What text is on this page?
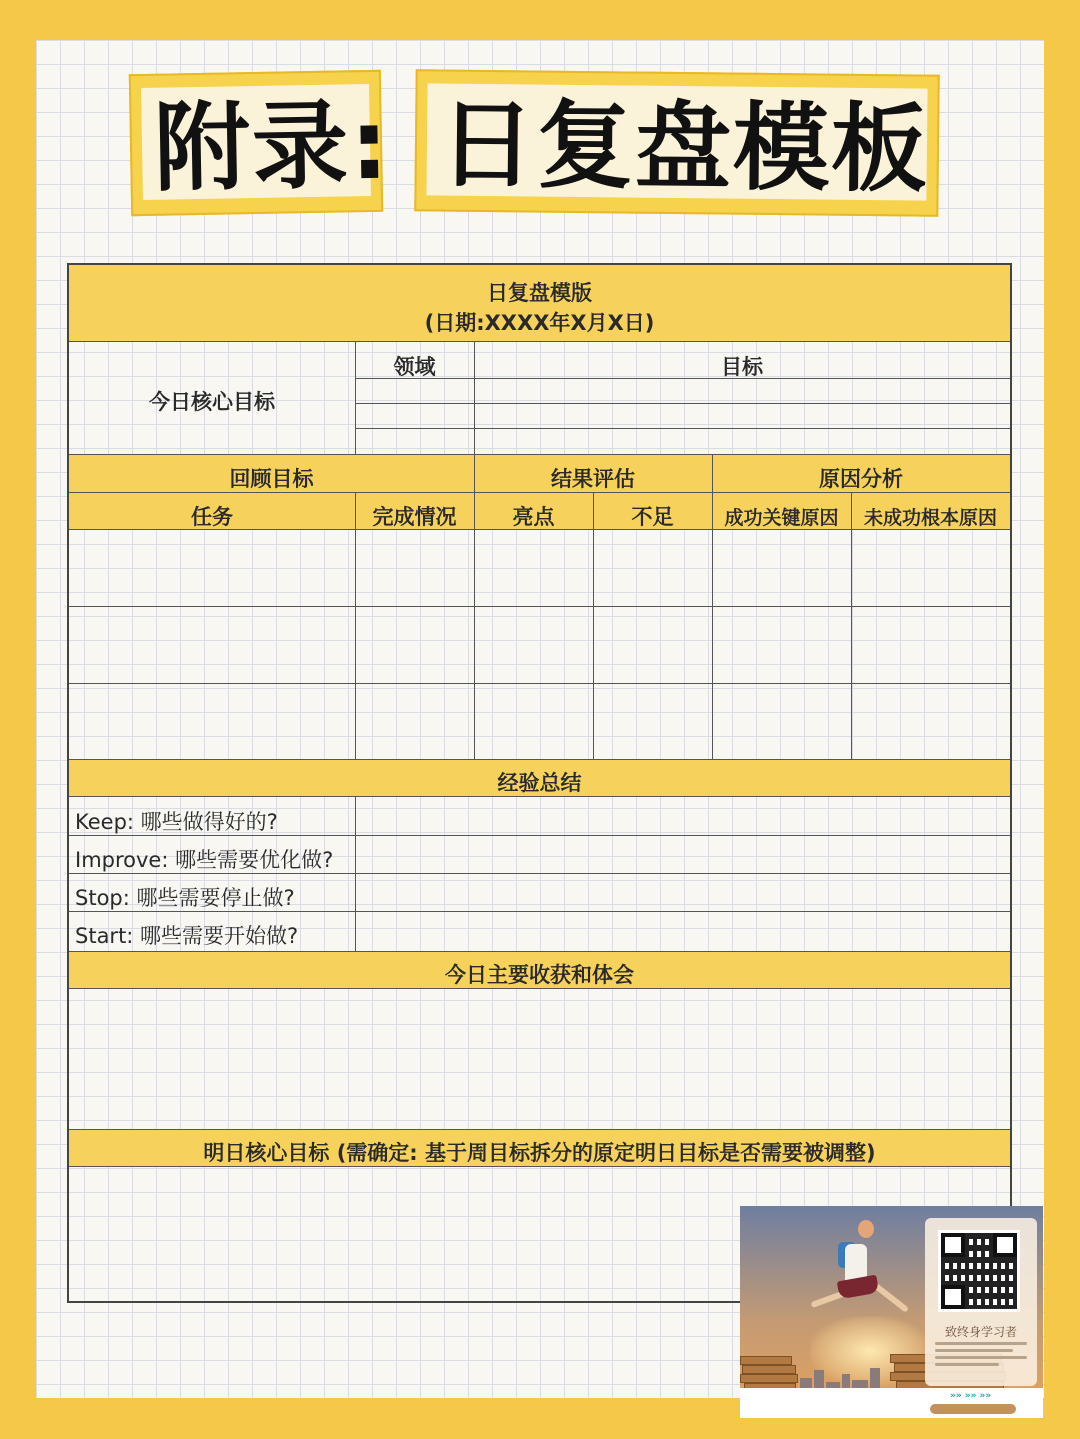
附录: 日复盘模板
日复盘模版
(日期:XXXX年X月X日)
今日核心目标
领域	目标
回顾目标	结果评估	原因分析
任务	完成情况	亮点	不足	成功关键原因	未成功根本原因
经验总结
Keep: 哪些做得好的?
Improve: 哪些需要优化做?
Stop: 哪些需要停止做?
Start: 哪些需要开始做?
今日主要收获和体会
明日核心目标 (需确定: 基于周目标拆分的原定明日目标是否需要被调整)
致终身学习者
»» »» »»
